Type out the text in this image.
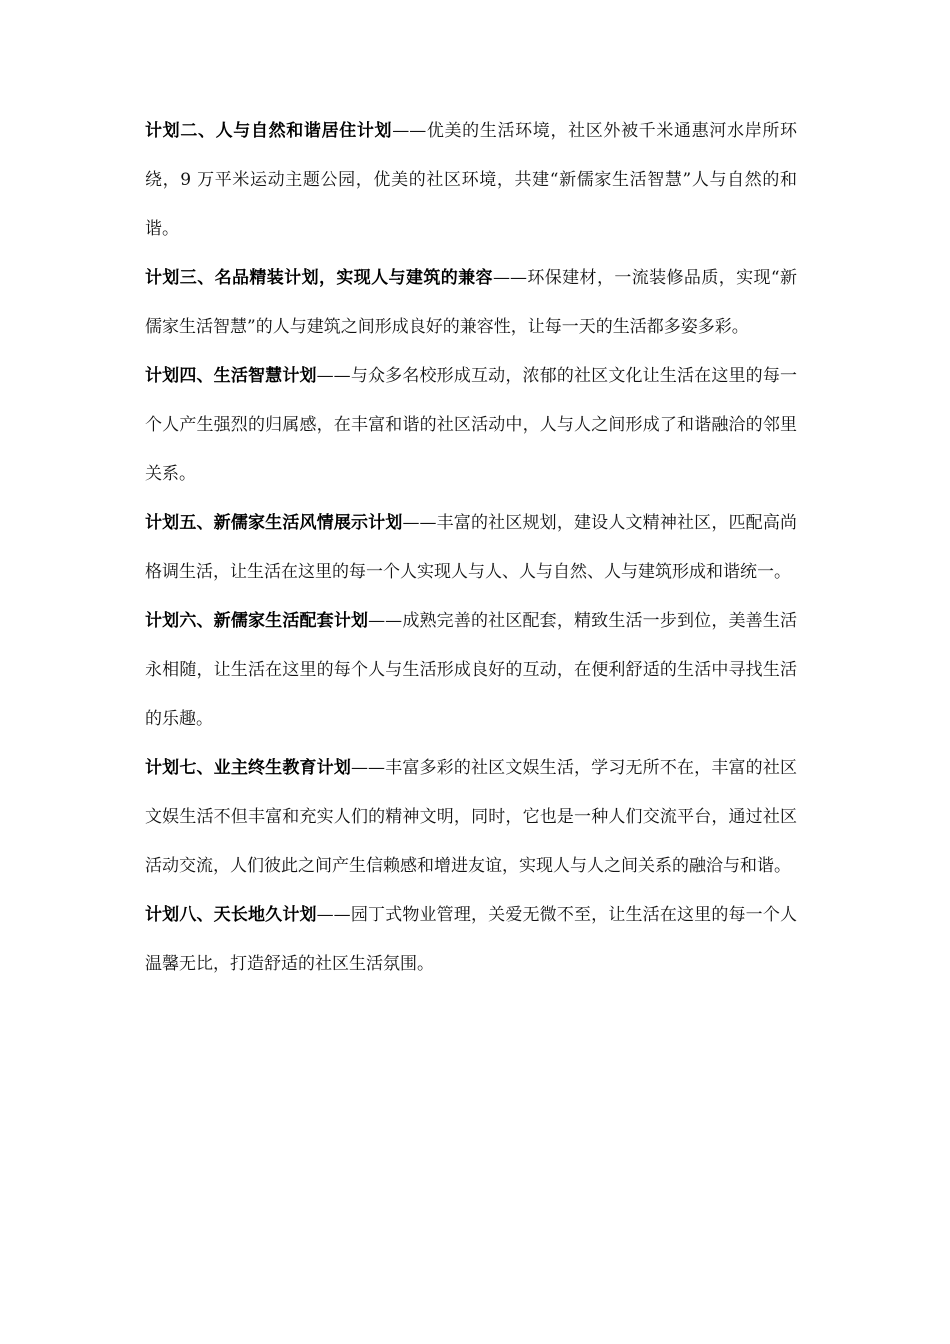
计划二、人与自然和谐居住计划——优美的生活环境，社区外被千米通惠河水岸所环绕，9 万平米运动主题公园，优美的社区环境，共建“新儒家生活智慧”人与自然的和谐。

计划三、名品精装计划，实现人与建筑的兼容——环保建材，一流装修品质，实现“新儒家生活智慧”的人与建筑之间形成良好的兼容性，让每一天的生活都多姿多彩。

计划四、生活智慧计划——与众多名校形成互动，浓郁的社区文化让生活在这里的每一个人产生强烈的归属感，在丰富和谐的社区活动中，人与人之间形成了和谐融洽的邻里关系。

计划五、新儒家生活风情展示计划——丰富的社区规划，建设人文精神社区，匹配高尚格调生活，让生活在这里的每一个人实现人与人、人与自然、人与建筑形成和谐统一。

计划六、新儒家生活配套计划——成熟完善的社区配套，精致生活一步到位，美善生活永相随，让生活在这里的每个人与生活形成良好的互动，在便利舒适的生活中寻找生活的乐趣。

计划七、业主终生教育计划——丰富多彩的社区文娱生活，学习无所不在，丰富的社区文娱生活不但丰富和充实人们的精神文明，同时，它也是一种人们交流平台，通过社区活动交流，人们彼此之间产生信赖感和增进友谊，实现人与人之间关系的融洽与和谐。

计划八、天长地久计划——园丁式物业管理，关爱无微不至，让生活在这里的每一个人温馨无比，打造舒适的社区生活氛围。
